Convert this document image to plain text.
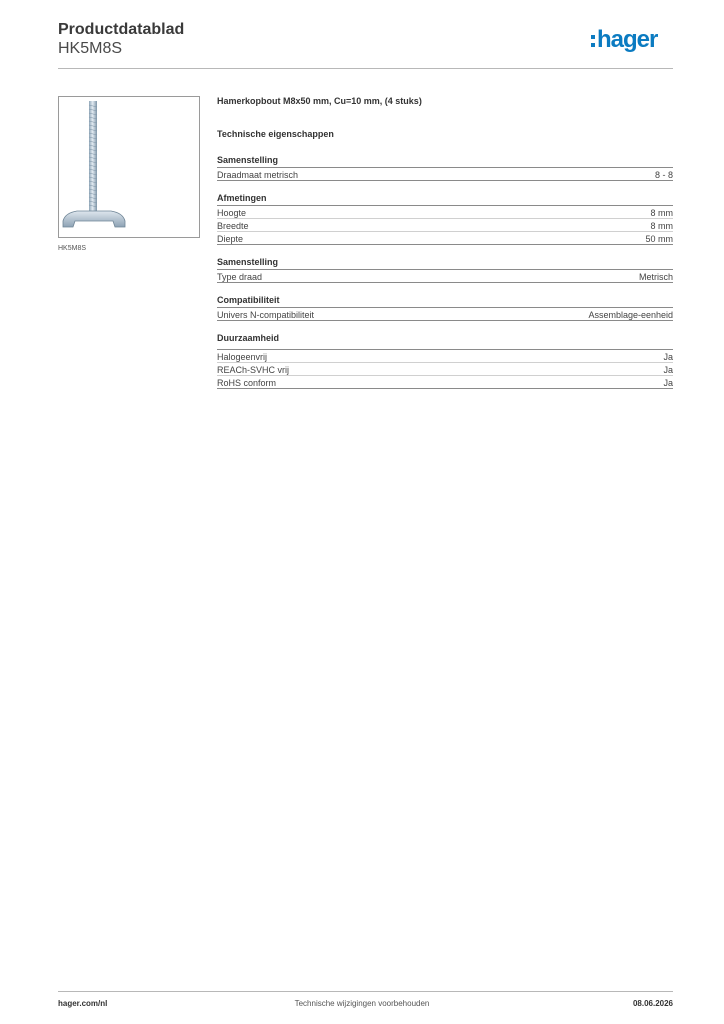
Productdatablad
HK5M8S	hager
HK5M8S
Hamerkopbout M8x50 mm, Cu=10 mm, (4 stuks)
Technische eigenschappen
Samenstelling
Draadmaat metrisch	8 - 8
Afmetingen
Hoogte	8 mm
Breedte	8 mm
Diepte	50 mm
Samenstelling
Type draad	Metrisch
Compatibiliteit
Univers N-compatibiliteit	Assemblage-eenheid
Duurzaamheid
Halogeenvrij	Ja
REACh-SVHC vrij	Ja
RoHS conform	Ja
hager.com/nl	Technische wijzigingen voorbehouden	08.06.2026
